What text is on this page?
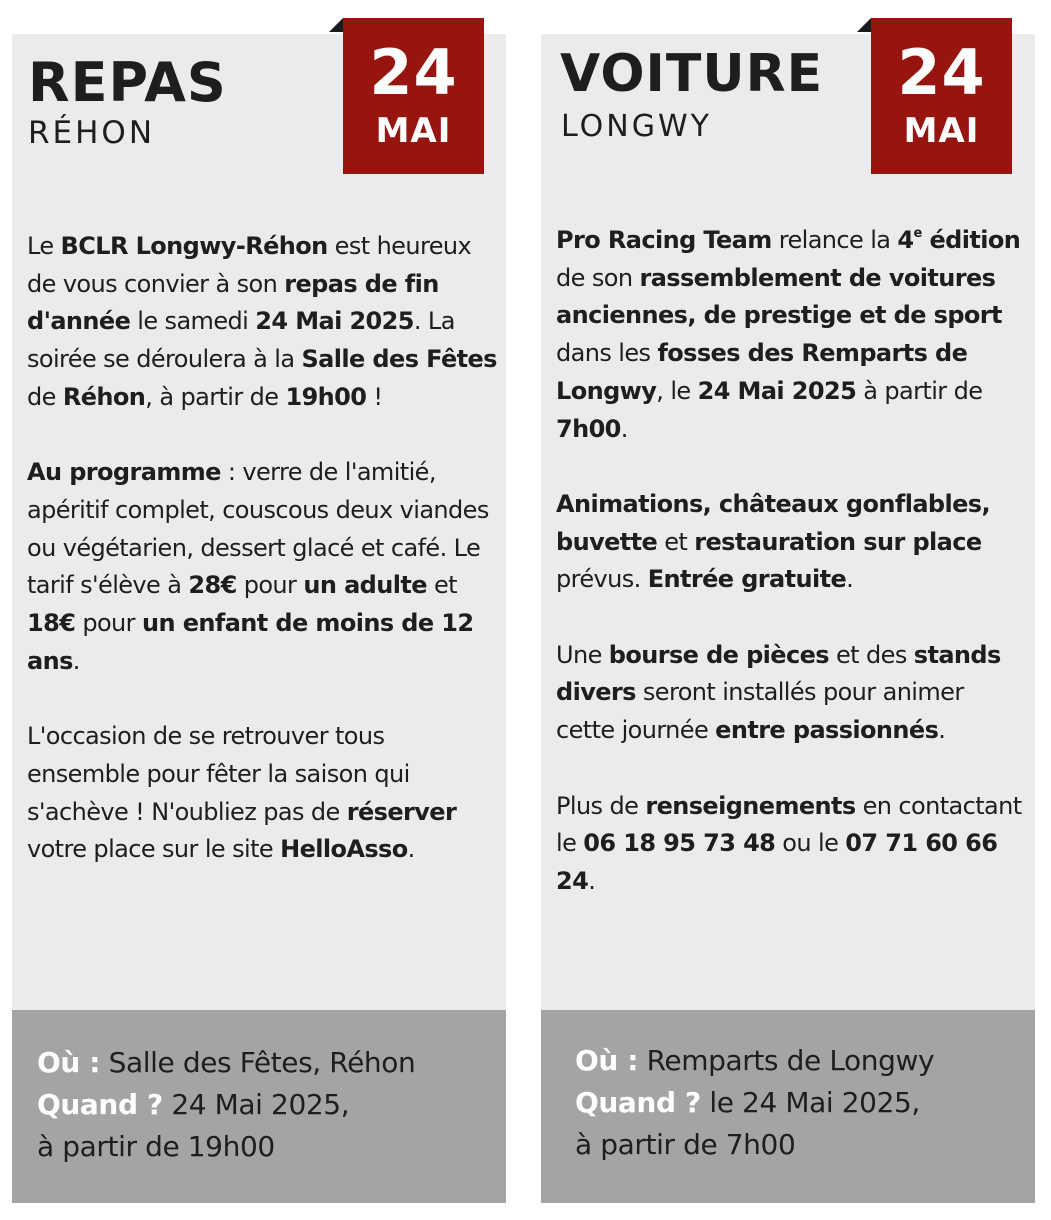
REPAS
RÉHON
24
MAI

Le BCLR Longwy-Réhon est heureux de vous convier à son repas de fin d'année le samedi 24 Mai 2025. La soirée se déroulera à la Salle des Fêtes de Réhon, à partir de 19h00 !

Au programme : verre de l'amitié, apéritif complet, couscous deux viandes ou végétarien, dessert glacé et café. Le tarif s'élève à 28€ pour un adulte et 18€ pour un enfant de moins de 12 ans.

L'occasion de se retrouver tous ensemble pour fêter la saison qui s'achève ! N'oubliez pas de réserver votre place sur le site HelloAsso.

Où : Salle des Fêtes, Réhon
Quand ? 24 Mai 2025,
à partir de 19h00

VOITURE
LONGWY
24
MAI

Pro Racing Team relance la 4e édition de son rassemblement de voitures anciennes, de prestige et de sport dans les fosses des Remparts de Longwy, le 24 Mai 2025 à partir de 7h00.

Animations, châteaux gonflables, buvette et restauration sur place prévus. Entrée gratuite.

Une bourse de pièces et des stands divers seront installés pour animer cette journée entre passionnés.

Plus de renseignements en contactant le 06 18 95 73 48 ou le 07 71 60 66 24.

Où : Remparts de Longwy
Quand ? le 24 Mai 2025,
à partir de 7h00
